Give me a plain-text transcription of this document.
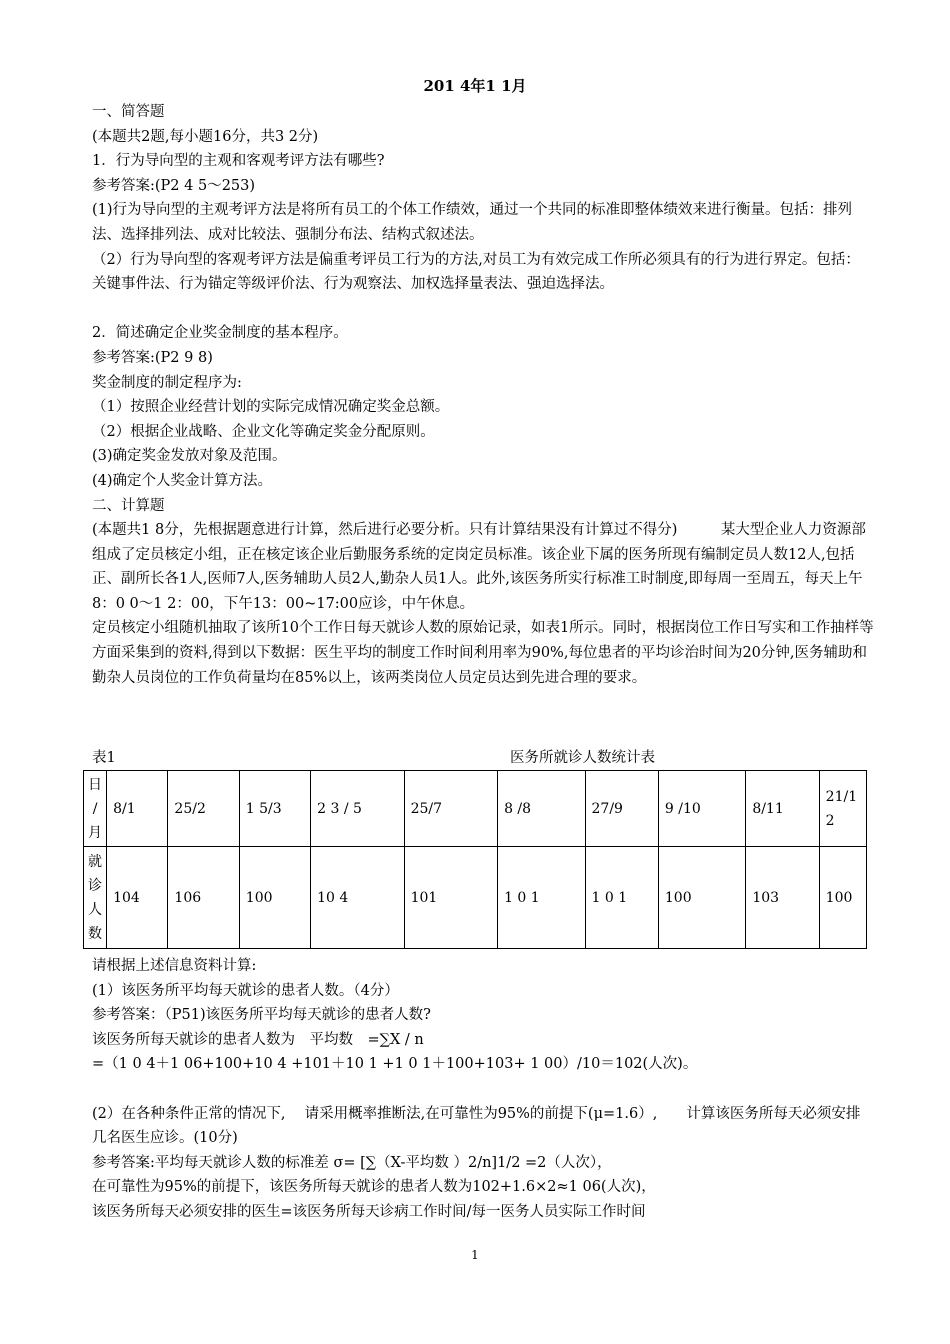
201 4年1 1月

一、简答题

(本题共2题,每小题16分，共3 2分)

1．行为导向型的主观和客观考评方法有哪些?

参考答案:(P2 4 5～253)

(1)行为导向型的主观考评方法是将所有员工的个体工作绩效，通过一个共同的标准即整体绩效来进行衡量。包括：排列法、选择排列法、成对比较法、强制分布法、结构式叙述法。

（2）行为导向型的客观考评方法是偏重考评员工行为的方法,对员工为有效完成工作所必须具有的行为进行界定。包括：关键事件法、行为锚定等级评价法、行为观察法、加权选择量表法、强迫选择法。

2．简述确定企业奖金制度的基本程序。

参考答案:(P2 9 8)

奖金制度的制定程序为:

（1）按照企业经营计划的实际完成情况确定奖金总额。

（2）根据企业战略、企业文化等确定奖金分配原则。

(3)确定奖金发放对象及范围。

(4)确定个人奖金计算方法。

二、计算题

(本题共1 8分，先根据题意进行计算，然后进行必要分析。只有计算结果没有计算过不得分)　　　某大型企业人力资源部组成了定员核定小组，正在核定该企业后勤服务系统的定岗定员标准。该企业下属的医务所现有编制定员人数12人,包括正、副所长各1人,医师7人,医务辅助人员2人,勤杂人员1人。此外,该医务所实行标准工时制度,即每周一至周五，每天上午8：0 0～1 2：00，下午13：00~17:00应诊，中午休息。

定员核定小组随机抽取了该所10个工作日每天就诊人数的原始记录，如表1所示。同时，根据岗位工作日写实和工作抽样等方面采集到的资料,得到以下数据：医生平均的制度工作时间利用率为90%,每位患者的平均诊治时间为20分钟,医务辅助和勤杂人员岗位的工作负荷量均在85%以上，该两类岗位人员定员达到先进合理的要求。

表1	医务所就诊人数统计表
日
/
月	8/1	25/2	1 5/3	2 3 / 5	25/7	8 /8	27/9	9 /10	8/11	21/1 2

就
诊
人
数	104	106	100	10 4	101	1 0 1	1 0 1	100	103	100

请根据上述信息资料计算:

(1）该医务所平均每天就诊的患者人数。（4分）

参考答案：（P51)该医务所平均每天就诊的患者人数?

该医务所每天就诊的患者人数为　平均数　=∑X / n

=（1 0 4＋1 06+100+10 4 +101＋10 1 +1 0 1＋100+103+ 1 00）/10＝102(人次)。

(2）在各种条件正常的情况下,　 请采用概率推断法,在可靠性为95%的前提下(μ=1.6）,　　计算该医务所每天必须安排几名医生应诊。(10分)

参考答案:平均每天就诊人数的标准差 σ= [∑（X-平均数 ）2/n]1/2 =2（人次），

在可靠性为95%的前提下，该医务所每天就诊的患者人数为102+1.6×2≈1 06(人次)，

该医务所每天必须安排的医生=该医务所每天诊病工作时间/每一医务人员实际工作时间

1
